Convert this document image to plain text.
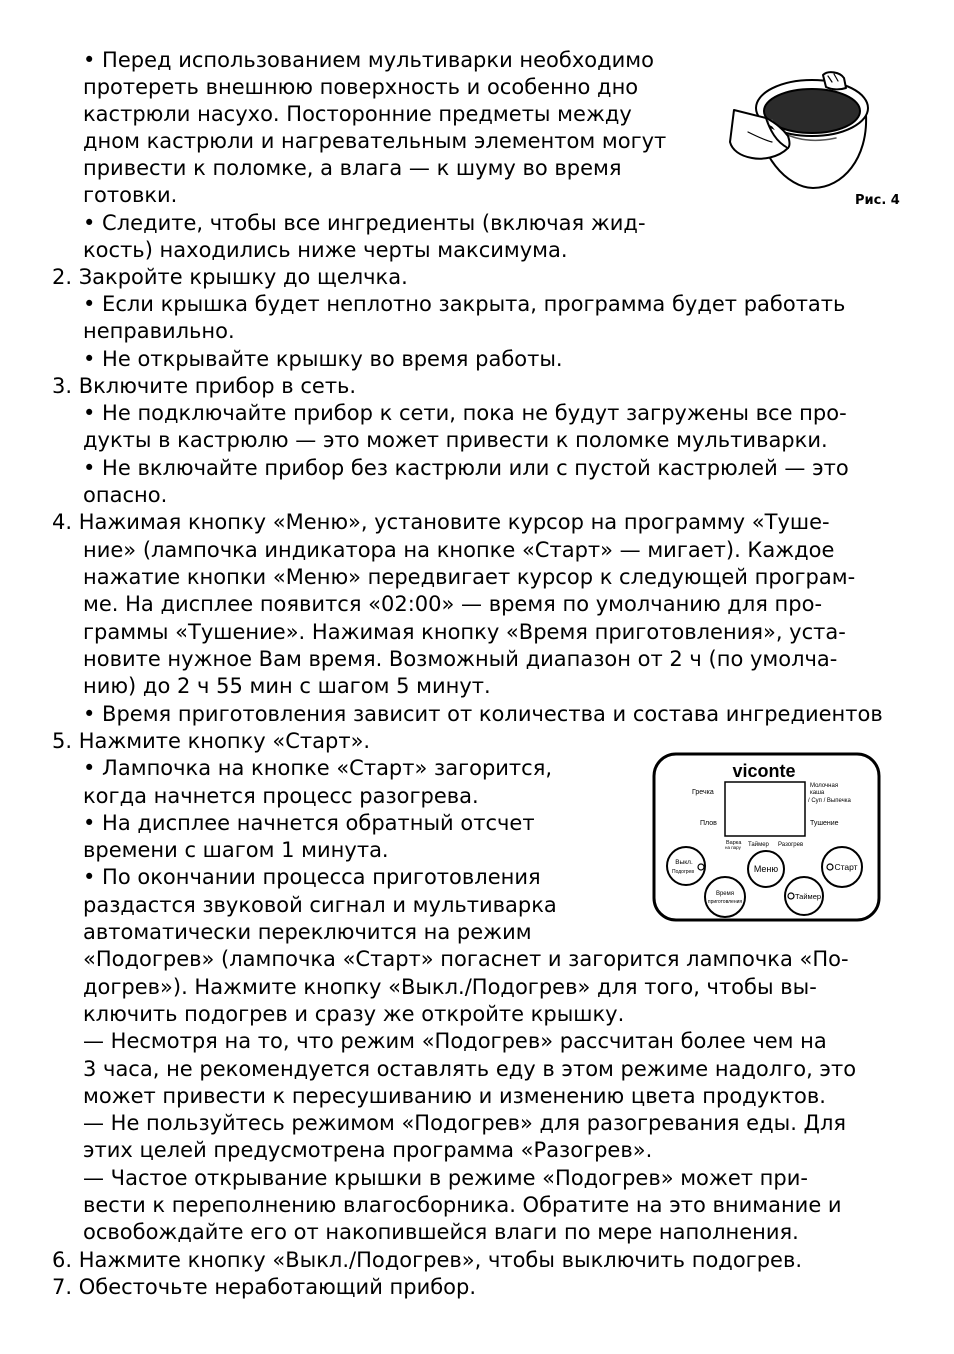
• Перед использованием мультиварки необходимо
протереть внешнюю поверхность и особенно дно
кастрюли насухо. Посторонние предметы между
дном кастрюли и нагревательным элементом могут
привести к поломке, а влага — к шуму во время
готовки.
• Следите, чтобы все ингредиенты (включая жид-
кость) находились ниже черты максимума.
2. Закройте крышку до щелчка.
• Если крышка будет неплотно закрыта, программа будет работать
неправильно.
• Не открывайте крышку во время работы.
3. Включите прибор в сеть.
• Не подключайте прибор к сети, пока не будут загружены все про-
дукты в кастрюлю — это может привести к поломке мультиварки.
• Не включайте прибор без кастрюли или с пустой кастрюлей — это
опасно.
4. Нажимая кнопку «Меню», установите курсор на программу «Туше-
ние» (лампочка индикатора на кнопке «Старт» — мигает). Каждое
нажатие кнопки «Меню» передвигает курсор к следующей програм-
ме. На дисплее появится «02:00» — время по умолчанию для про-
граммы «Тушение». Нажимая кнопку «Время приготовления», уста-
новите нужное Вам время. Возможный диапазон от 2 ч (по умолча-
нию) до 2 ч 55 мин с шагом 5 минут.
• Время приготовления зависит от количества и состава ингредиентов
5. Нажмите кнопку «Старт».
• Лампочка на кнопке «Старт» загорится,
когда начнется процесс разогрева.
• На дисплее начнется обратный отсчет
времени с шагом 1 минута.
• По окончании процесса приготовления
раздастся звуковой сигнал и мультиварка
автоматически переключится на режим
«Подогрев» (лампочка «Старт» погаснет и загорится лампочка «По-
догрев»). Нажмите кнопку «Выкл./Подогрев» для того, чтобы вы-
ключить подогрев и сразу же откройте крышку.
— Несмотря на то, что режим «Подогрев» рассчитан более чем на
3 часа, не рекомендуется оставлять еду в этом режиме надолго, это
может привести к пересушиванию и изменению цвета продуктов.
— Не пользуйтесь режимом «Подогрев» для разогревания еды. Для
этих целей предусмотрена программа «Разогрев».
— Частое открывание крышки в режиме «Подогрев» может при-
вести к переполнению влагосборника. Обратите на это внимание и
освобождайте его от накопившейся влаги по мере наполнения.
6. Нажмите кнопку «Выкл./Подогрев», чтобы выключить подогрев.
7. Обесточьте неработающий прибор.
Рис. 4
viconte
Гречка
Плов
Молочная
каша
/ Суп / Выпечка
Тушение
Варка
на пару Таймер Разогрев
Выкл.
Подогрев	Меню	Старт
Время
приготовления
Таймер
